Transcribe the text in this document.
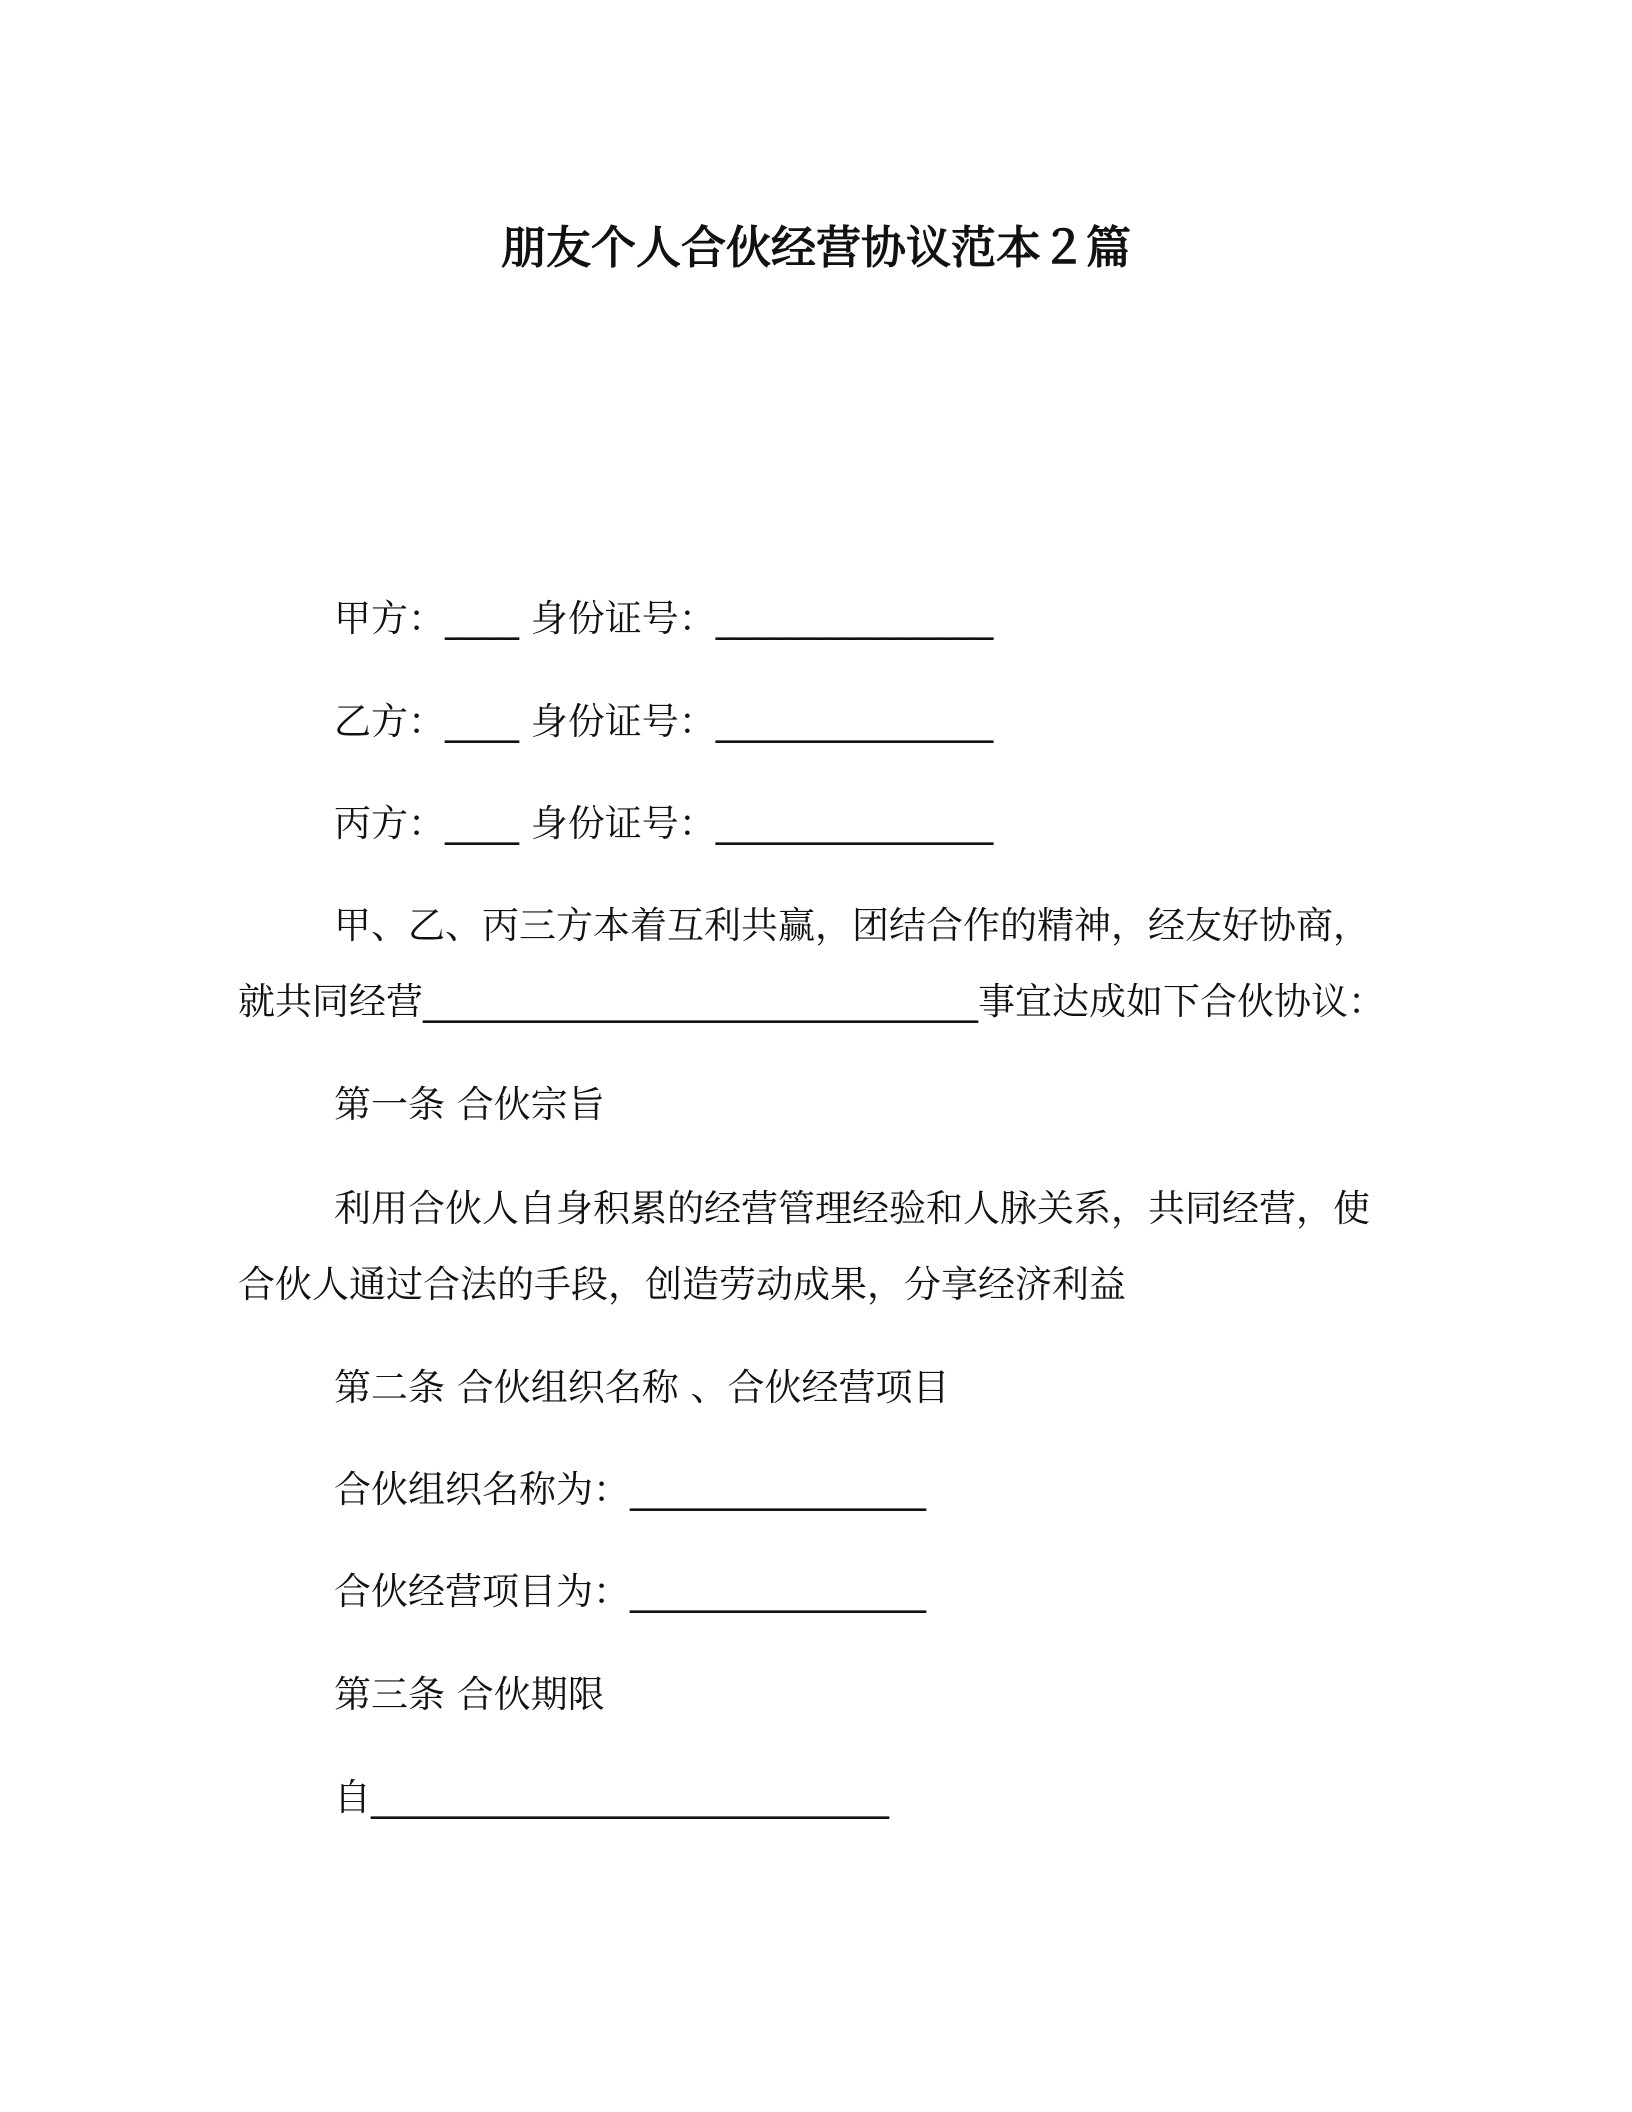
朋友个人合伙经营协议范本２篇
甲方：____ 身份证号：_______________
乙方：____ 身份证号：_______________
丙方：____ 身份证号：_______________
甲、乙、丙三方本着互利共赢，团结合作的精神，经友好协商，
就共同经营______________________________事宜达成如下合伙协议：
第一条 合伙宗旨
利用合伙人自身积累的经营管理经验和人脉关系，共同经营，使
合伙人通过合法的手段，创造劳动成果，分享经济利益
第二条 合伙组织名称 、合伙经营项目
合伙组织名称为：________________
合伙经营项目为：________________
第三条 合伙期限
自____________________________
